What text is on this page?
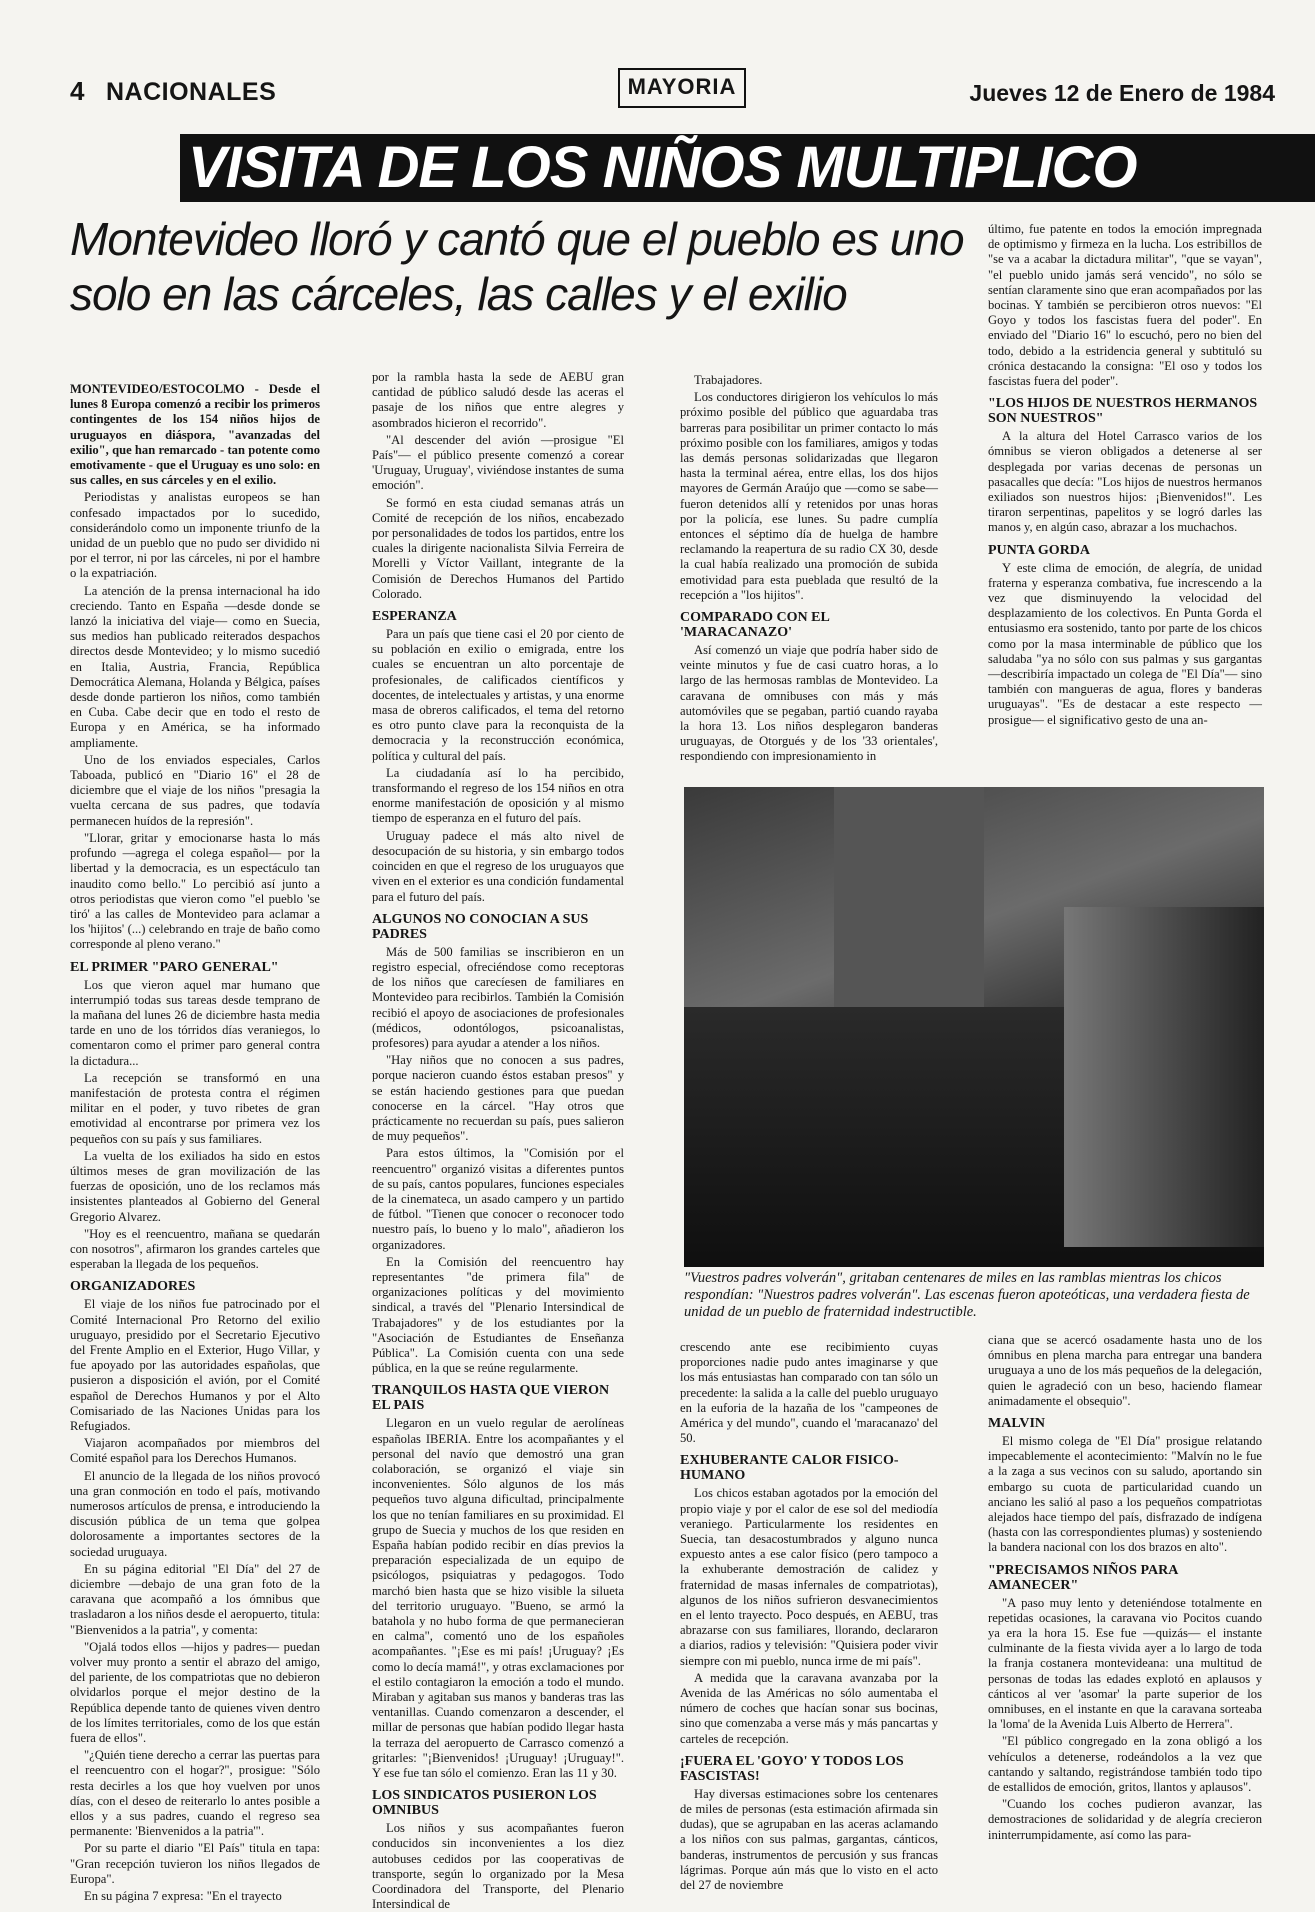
4 NACIONALES	MAYORIA	Jueves 12 de Enero de 1984
VISITA DE LOS NIÑOS MULTIPLICO
Montevideo lloró y cantó que el pueblo es uno solo en las cárceles, las calles y el exilio

MONTEVIDEO/ESTOCOLMO - Desde el lunes 8 Europa comenzó a recibir los primeros contingentes de los 154 niños hijos de uruguayos en diáspora, "avanzadas del exilio", que han remarcado - tan potente como emotivamente - que el Uruguay es uno solo: en sus calles, en sus cárceles y en el exilio.

Periodistas y analistas europeos se han confesado impactados por lo sucedido, considerándolo como un imponente triunfo de la unidad de un pueblo que no pudo ser dividido ni por el terror, ni por las cárceles, ni por el hambre o la expatriación.

La atención de la prensa internacional ha ido creciendo. Tanto en España —desde donde se lanzó la iniciativa del viaje— como en Suecia, sus medios han publicado reiterados despachos directos desde Montevideo; y lo mismo sucedió en Italia, Austria, Francia, República Democrática Alemana, Holanda y Bélgica, países desde donde partieron los niños, como también en Cuba. Cabe decir que en todo el resto de Europa y en América, se ha informado ampliamente.

Uno de los enviados especiales, Carlos Taboada, publicó en "Diario 16" el 28 de diciembre que el viaje de los niños "presagia la vuelta cercana de sus padres, que todavía permanecen huídos de la represión".

"Llorar, gritar y emocionarse hasta lo más profundo —agrega el colega español— por la libertad y la democracia, es un espectáculo tan inaudito como bello." Lo percibió así junto a otros periodistas que vieron como "el pueblo 'se tiró' a las calles de Montevideo para aclamar a los 'hijitos' (...) celebrando en traje de baño como corresponde al pleno verano."

EL PRIMER "PARO GENERAL"

Los que vieron aquel mar humano que interrumpió todas sus tareas desde temprano de la mañana del lunes 26 de diciembre hasta media tarde en uno de los tórridos días veraniegos, lo comentaron como el primer paro general contra la dictadura...

La recepción se transformó en una manifestación de protesta contra el régimen militar en el poder, y tuvo ribetes de gran emotividad al encontrarse por primera vez los pequeños con su país y sus familiares.

La vuelta de los exiliados ha sido en estos últimos meses de gran movilización de las fuerzas de oposición, uno de los reclamos más insistentes planteados al Gobierno del General Gregorio Alvarez.

"Hoy es el reencuentro, mañana se quedarán con nosotros", afirmaron los grandes carteles que esperaban la llegada de los pequeños.

ORGANIZADORES

El viaje de los niños fue patrocinado por el Comité Internacional Pro Retorno del exilio uruguayo, presidido por el Secretario Ejecutivo del Frente Amplio en el Exterior, Hugo Villar, y fue apoyado por las autoridades españolas, que pusieron a disposición el avión, por el Comité español de Derechos Humanos y por el Alto Comisariado de las Naciones Unidas para los Refugiados.

Viajaron acompañados por miembros del Comité español para los Derechos Humanos.

El anuncio de la llegada de los niños provocó una gran conmoción en todo el país, motivando numerosos artículos de prensa, e introduciendo la discusión pública de un tema que golpea dolorosamente a importantes sectores de la sociedad uruguaya.

En su página editorial "El Día" del 27 de diciembre —debajo de una gran foto de la caravana que acompañó a los ómnibus que trasladaron a los niños desde el aeropuerto, titula: "Bienvenidos a la patria", y comenta:

"Ojalá todos ellos —hijos y padres— puedan volver muy pronto a sentir el abrazo del amigo, del pariente, de los compatriotas que no debieron olvidarlos porque el mejor destino de la República depende tanto de quienes viven dentro de los límites territoriales, como de los que están fuera de ellos".

"¿Quién tiene derecho a cerrar las puertas para el reencuentro con el hogar?", prosigue: "Sólo resta decirles a los que hoy vuelven por unos días, con el deseo de reiterarlo lo antes posible a ellos y a sus padres, cuando el regreso sea permanente: 'Bienvenidos a la patria'".

Por su parte el diario "El País" titula en tapa: "Gran recepción tuvieron los niños llegados de Europa".

En su página 7 expresa: "En el trayecto

por la rambla hasta la sede de AEBU gran cantidad de público saludó desde las aceras el pasaje de los niños que entre alegres y asombrados hicieron el recorrido".

"Al descender del avión —prosigue "El País"— el público presente comenzó a corear 'Uruguay, Uruguay', viviéndose instantes de suma emoción".

Se formó en esta ciudad semanas atrás un Comité de recepción de los niños, encabezado por personalidades de todos los partidos, entre los cuales la dirigente nacionalista Silvia Ferreira de Morelli y Víctor Vaillant, integrante de la Comisión de Derechos Humanos del Partido Colorado.

ESPERANZA

Para un país que tiene casi el 20 por ciento de su población en exilio o emigrada, entre los cuales se encuentran un alto porcentaje de profesionales, de calificados científicos y docentes, de intelectuales y artistas, y una enorme masa de obreros calificados, el tema del retorno es otro punto clave para la reconquista de la democracia y la reconstrucción económica, política y cultural del país.

La ciudadanía así lo ha percibido, transformando el regreso de los 154 niños en otra enorme manifestación de oposición y al mismo tiempo de esperanza en el futuro del país.

Uruguay padece el más alto nivel de desocupación de su historia, y sin embargo todos coinciden en que el regreso de los uruguayos que viven en el exterior es una condición fundamental para el futuro del país.

ALGUNOS NO CONOCIAN A SUS PADRES

Más de 500 familias se inscribieron en un registro especial, ofreciéndose como receptoras de los niños que carecíesen de familiares en Montevideo para recibirlos. También la Comisión recibió el apoyo de asociaciones de profesionales (médicos, odontólogos, psicoanalistas, profesores) para ayudar a atender a los niños.

"Hay niños que no conocen a sus padres, porque nacieron cuando éstos estaban presos" y se están haciendo gestiones para que puedan conocerse en la cárcel. "Hay otros que prácticamente no recuerdan su país, pues salieron de muy pequeños".

Para estos últimos, la "Comisión por el reencuentro" organizó visitas a diferentes puntos de su país, cantos populares, funciones especiales de la cinemateca, un asado campero y un partido de fútbol. "Tienen que conocer o reconocer todo nuestro país, lo bueno y lo malo", añadieron los organizadores.

En la Comisión del reencuentro hay representantes "de primera fila" de organizaciones políticas y del movimiento sindical, a través del "Plenario Intersindical de Trabajadores" y de los estudiantes por la "Asociación de Estudiantes de Enseñanza Pública". La Comisión cuenta con una sede pública, en la que se reúne regularmente.

TRANQUILOS HASTA QUE VIERON EL PAIS

Llegaron en un vuelo regular de aerolíneas españolas IBERIA. Entre los acompañantes y el personal del navío que demostró una gran colaboración, se organizó el viaje sin inconvenientes. Sólo algunos de los más pequeños tuvo alguna dificultad, principalmente los que no tenían familiares en su proximidad. El grupo de Suecia y muchos de los que residen en España habían podido recibir en días previos la preparación especializada de un equipo de psicólogos, psiquiatras y pedagogos. Todo marchó bien hasta que se hizo visible la silueta del territorio uruguayo. "Bueno, se armó la batahola y no hubo forma de que permanecieran en calma", comentó uno de los españoles acompañantes. "¡Ese es mi país! ¡Uruguay? ¡Es como lo decía mamá!", y otras exclamaciones por el estilo contagiaron la emoción a todo el mundo. Miraban y agitaban sus manos y banderas tras las ventanillas. Cuando comenzaron a descender, el millar de personas que habían podido llegar hasta la terraza del aeropuerto de Carrasco comenzó a gritarles: "¡Bienvenidos! ¡Uruguay! ¡Uruguay!". Y ese fue tan sólo el comienzo. Eran las 11 y 30.

LOS SINDICATOS PUSIERON LOS OMNIBUS

Los niños y sus acompañantes fueron conducidos sin inconvenientes a los diez autobuses cedidos por las cooperativas de transporte, según lo organizado por la Mesa Coordinadora del Transporte, del Plenario Intersindical de

Trabajadores.

Los conductores dirigieron los vehículos lo más próximo posible del público que aguardaba tras barreras para posibilitar un primer contacto lo más próximo posible con los familiares, amigos y todas las demás personas solidarizadas que llegaron hasta la terminal aérea, entre ellas, los dos hijos mayores de Germán Araújo que —como se sabe— fueron detenidos allí y retenidos por unas horas por la policía, ese lunes. Su padre cumplía entonces el séptimo día de huelga de hambre reclamando la reapertura de su radio CX 30, desde la cual había realizado una promoción de subida emotividad para esta pueblada que resultó de la recepción a "los hijitos".

COMPARADO CON EL 'MARACANAZO'

Así comenzó un viaje que podría haber sido de veinte minutos y fue de casi cuatro horas, a lo largo de las hermosas ramblas de Montevideo. La caravana de omnibuses con más y más automóviles que se pegaban, partió cuando rayaba la hora 13. Los niños desplegaron banderas uruguayas, de Otorgués y de los '33 orientales', respondiendo con impresionamiento in

último, fue patente en todos la emoción impregnada de optimismo y firmeza en la lucha. Los estribillos de "se va a acabar la dictadura militar", "que se vayan", "el pueblo unido jamás será vencido", no sólo se sentían claramente sino que eran acompañados por las bocinas. Y también se percibieron otros nuevos: "El Goyo y todos los fascistas fuera del poder". En enviado del "Diario 16" lo escuchó, pero no bien del todo, debido a la estridencia general y subtituló su crónica destacando la consigna: "El oso y todos los fascistas fuera del poder".

"LOS HIJOS DE NUESTROS HERMANOS SON NUESTROS"

A la altura del Hotel Carrasco varios de los ómnibus se vieron obligados a detenerse al ser desplegada por varias decenas de personas un pasacalles que decía: "Los hijos de nuestros hermanos exiliados son nuestros hijos: ¡Bienvenidos!". Les tiraron serpentinas, papelitos y se logró darles las manos y, en algún caso, abrazar a los muchachos.

PUNTA GORDA

Y este clima de emoción, de alegría, de unidad fraterna y esperanza combativa, fue increscendo a la vez que disminuyendo la velocidad del desplazamiento de los colectivos. En Punta Gorda el entusiasmo era sostenido, tanto por parte de los chicos como por la masa interminable de público que los saludaba "ya no sólo con sus palmas y sus gargantas —describiría impactado un colega de "El Día"— sino también con mangueras de agua, flores y banderas uruguayas". "Es de destacar a este respecto —prosigue— el significativo gesto de una an-

"Vuestros padres volverán", gritaban centenares de miles en las ramblas mientras los chicos respondían: "Nuestros padres volverán". Las escenas fueron apoteóticas, una verdadera fiesta de unidad de un pueblo de fraternidad indestructible.

crescendo ante ese recibimiento cuyas proporciones nadie pudo antes imaginarse y que los más entusiastas han comparado con tan sólo un precedente: la salida a la calle del pueblo uruguayo en la euforia de la hazaña de los "campeones de América y del mundo", cuando el 'maracanazo' del 50.

EXHUBERANTE CALOR FISICO-HUMANO

Los chicos estaban agotados por la emoción del propio viaje y por el calor de ese sol del mediodía veraniego. Particularmente los residentes en Suecia, tan desacostumbrados y alguno nunca expuesto antes a ese calor físico (pero tampoco a la exhuberante demostración de calidez y fraternidad de masas infernales de compatriotas), algunos de los niños sufrieron desvanecimientos en el lento trayecto. Poco después, en AEBU, tras abrazarse con sus familiares, llorando, declararon a diarios, radios y televisión: "Quisiera poder vivir siempre con mi pueblo, nunca irme de mi país".

A medida que la caravana avanzaba por la Avenida de las Américas no sólo aumentaba el número de coches que hacían sonar sus bocinas, sino que comenzaba a verse más y más pancartas y carteles de recepción.

¡FUERA EL 'GOYO' Y TODOS LOS FASCISTAS!

Hay diversas estimaciones sobre los centenares de miles de personas (esta estimación afirmada sin dudas), que se agrupaban en las aceras aclamando a los niños con sus palmas, gargantas, cánticos, banderas, instrumentos de percusión y sus francas lágrimas. Porque aún más que lo visto en el acto del 27 de noviembre

ciana que se acercó osadamente hasta uno de los ómnibus en plena marcha para entregar una bandera uruguaya a uno de los más pequeños de la delegación, quien le agradeció con un beso, haciendo flamear animadamente el obsequio".

MALVIN

El mismo colega de "El Día" prosigue relatando impecablemente el acontecimiento: "Malvín no le fue a la zaga a sus vecinos con su saludo, aportando sin embargo su cuota de particularidad cuando un anciano les salió al paso a los pequeños compatriotas alejados hace tiempo del país, disfrazado de indígena (hasta con las correspondientes plumas) y sosteniendo la bandera nacional con los dos brazos en alto".

"PRECISAMOS NIÑOS PARA AMANECER"

"A paso muy lento y deteniéndose totalmente en repetidas ocasiones, la caravana vio Pocitos cuando ya era la hora 15. Ese fue —quizás— el instante culminante de la fiesta vivida ayer a lo largo de toda la franja costanera montevideana: una multitud de personas de todas las edades explotó en aplausos y cánticos al ver 'asomar' la parte superior de los omnibuses, en el instante en que la caravana sorteaba la 'loma' de la Avenida Luis Alberto de Herrera".

"El público congregado en la zona obligó a los vehículos a detenerse, rodeándolos a la vez que cantando y saltando, registrándose también todo tipo de estallidos de emoción, gritos, llantos y aplausos".

"Cuando los coches pudieron avanzar, las demostraciones de solidaridad y de alegría crecieron ininterrumpidamente, así como las para-
